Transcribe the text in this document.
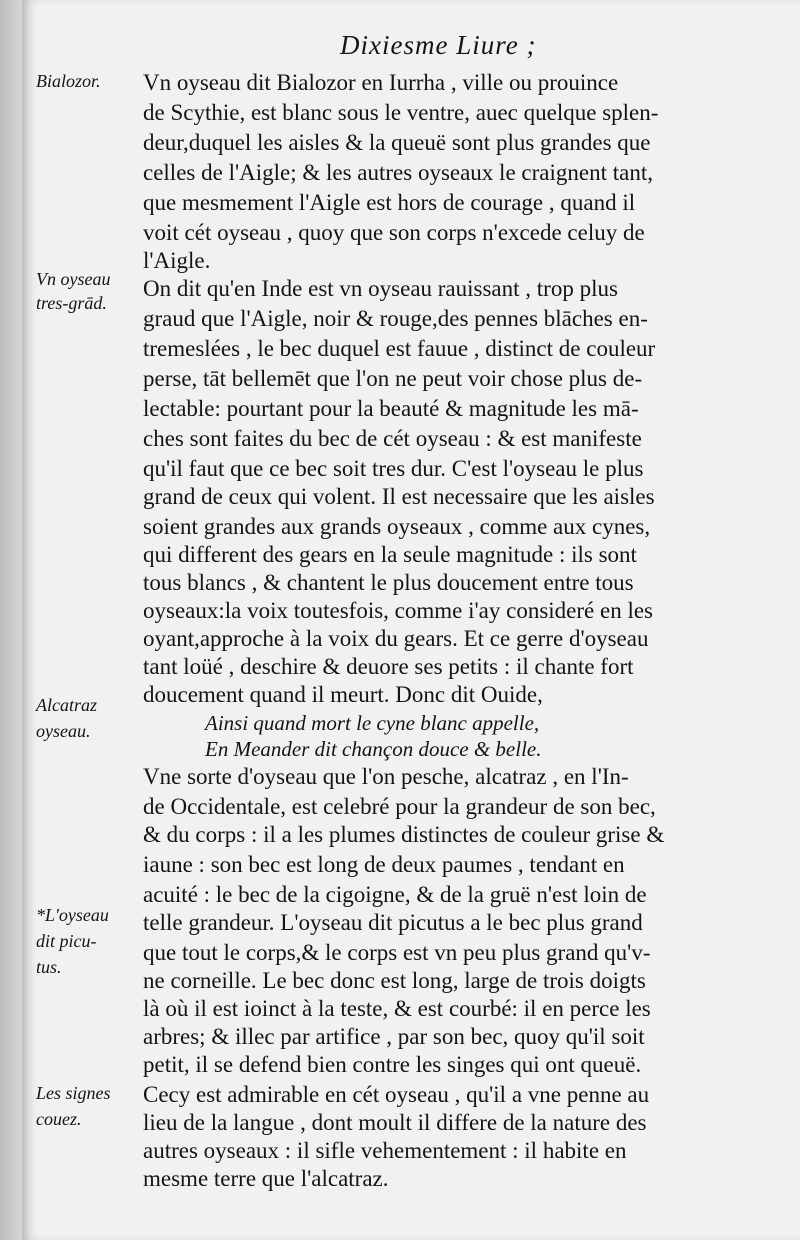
Dixiesme Liure ;
Bialozor.
Vn oyseau
tres-grād.
Alcatraz
oyseau.
*L'oyseau
dit picu-
tus.
Les signes
couez.
Vn oyseau dit Bialozor en Iurrha , ville ou prouince
de Scythie, est blanc sous le ventre, auec quelque splen-
deur,duquel les aisles & la queuë sont plus grandes que
celles de l'Aigle; & les autres oyseaux le craignent tant,
que mesmement l'Aigle est hors de courage , quand il
voit cét oyseau , quoy que son corps n'excede celuy de
l'Aigle.
On dit qu'en Inde est vn oyseau rauissant , trop plus
graud que l'Aigle, noir & rouge,des pennes blāches en-
tremeslées , le bec duquel est fauue , distinct de couleur
perse, tāt bellemēt que l'on ne peut voir chose plus de-
lectable: pourtant pour la beauté & magnitude les mā-
ches sont faites du bec de cét oyseau : & est manifeste
qu'il faut que ce bec soit tres dur. C'est l'oyseau le plus
grand de ceux qui volent. Il est necessaire que les aisles
soient grandes aux grands oyseaux , comme aux cynes,
qui different des gears en la seule magnitude : ils sont
tous blancs , & chantent le plus doucement entre tous
oyseaux:la voix toutesfois, comme i'ay consideré en les
oyant,approche à la voix du gears. Et ce gerre d'oyseau
tant loüé , deschire & deuore ses petits : il chante fort
doucement quand il meurt. Donc dit Ouide,
Ainsi quand mort le cyne blanc appelle,
En Meander dit chançon douce & belle.
Vne sorte d'oyseau que l'on pesche, alcatraz , en l'In-
de Occidentale, est celebré pour la grandeur de son bec,
& du corps : il a les plumes distinctes de couleur grise &
iaune : son bec est long de deux paumes , tendant en
acuité : le bec de la cigoigne, & de la gruë n'est loin de
telle grandeur. L'oyseau dit picutus a le bec plus grand
que tout le corps,& le corps est vn peu plus grand qu'v-
ne corneille. Le bec donc est long, large de trois doigts
là où il est ioinct à la teste, & est courbé: il en perce les
arbres; & illec par artifice , par son bec, quoy qu'il soit
petit, il se defend bien contre les singes qui ont queuë.
Cecy est admirable en cét oyseau , qu'il a vne penne au
lieu de la langue , dont moult il differe de la nature des
autres oyseaux : il sifle vehementement : il habite en
mesme terre que l'alcatraz.
